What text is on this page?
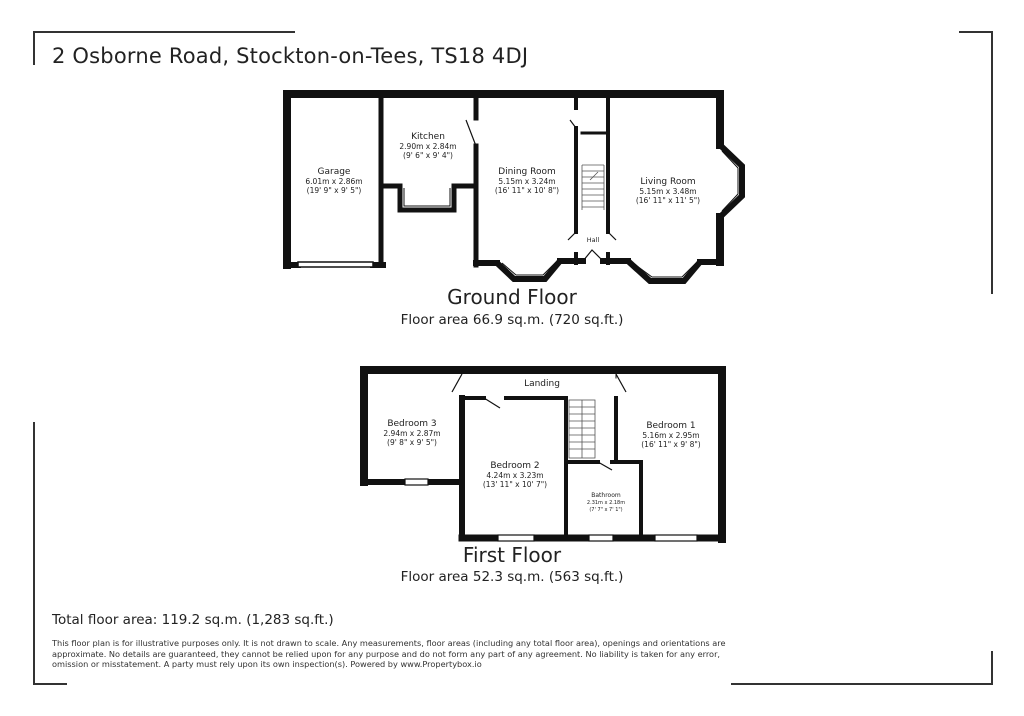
2 Osborne Road, Stockton-on-Tees, TS18 4DJ
Garage
6.01m x 2.86m
(19' 9" x 9' 5")
Kitchen
2.90m x 2.84m
(9' 6" x 9' 4")
Dining Room
5.15m x 3.24m
(16' 11" x 10' 8")
Living Room
5.15m x 3.48m
(16' 11" x 11' 5")
Hall
Landing
Bedroom 3
2.94m x 2.87m
(9' 8" x 9' 5")
Bedroom 2
4.24m x 3.23m
(13' 11" x 10' 7")
Bedroom 1
5.16m x 2.95m
(16' 11" x 9' 8")
Bathroom
2.31m x 2.18m
(7' 7" x 7' 1")
Ground Floor
Floor area 66.9 sq.m. (720 sq.ft.)
First Floor
Floor area 52.3 sq.m. (563 sq.ft.)
Total floor area: 119.2 sq.m. (1,283 sq.ft.)
This floor plan is for illustrative purposes only. It is not drawn to scale. Any measurements, floor areas (including any total floor area), openings and orientations are approximate. No details are guaranteed, they cannot be relied upon for any purpose and do not form any part of any agreement. No liability is taken for any error, omission or misstatement. A party must rely upon its own inspection(s). Powered by www.Propertybox.io
